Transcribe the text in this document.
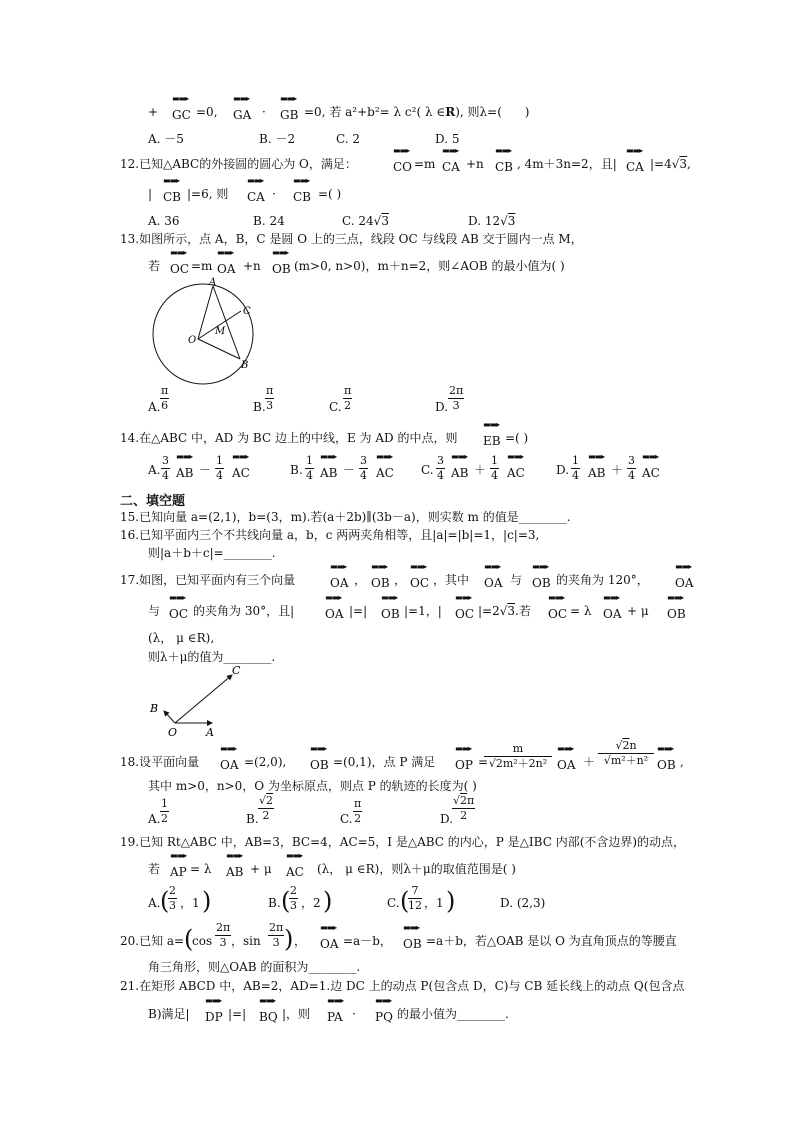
+
▬▬▸
GC =0,
▬▬▸
GA ·
▬▬▸
GB =0, 若 a²+b²= λ c²( λ ∈R), 则λ=(      )
A. －5	B. －2	C. 2	D. 5
12.已知△ABC的外接圆的圆心为 O，满足：
▬▬▸
CO =m
▬▬▸
CA +n
▬▬▸
CB , 4m＋3n=2，且|
▬▬▸
CA |=4√3,
|
▬▬▸
CB |=6, 则
▬▬▸
CA ·
▬▬▸
CB =( )
A. 36	B. 24	C. 24√3	D. 12√3
13.如图所示，点 A，B，C 是圆 O 上的三点，线段 OC 与线段 AB 交于圆内一点 M，
若
▬▬▸
OC =m
▬▬▸
OA +n
▬▬▸
OB (m>0, n>0)，m＋n=2，则∠AOB 的最小值为( )
A
C
M
O
B
A.
π
6	B.
π
3	C.
π
2	D.
2π
3
14.在△ABC 中，AD 为 BC 边上的中线，E 为 AD 的中点，则
▬▬▸
EB =( )
A.
3
4
▬▬▸
AB －
1
4
▬▬▸
AC	B.
1
4
▬▬▸
AB －
3
4
▬▬▸
AC C.
3
4
▬▬▸
AB ＋
1
4
▬▬▸
AC	D.
1
4
▬▬▸
AB ＋
3
4
▬▬▸
AC
二、填空题
15.已知向量 a=(2,1)，b=(3，m).若(a＋2b)∥(3b－a)，则实数 m 的值是________.
16.已知平面内三个不共线向量 a，b，c 两两夹角相等，且|a|=|b|=1，|c|=3,
则|a＋b＋c|=________.
17.如图，已知平面内有三个向量
▬▬▸
OA ，
▬▬▸
OB ，
▬▬▸
OC ，其中
▬▬▸
OA 与
▬▬▸
OB 的夹角为 120°，
▬▬▸
OA
与
▬▬▸
OC 的夹角为 30°，且|
▬▬▸
OA |=|
▬▬▸
OB |=1，|
▬▬▸
OC |=2√3.若
▬▬▸
OC = λ
▬▬▸
OA + μ
▬▬▸
OB
(λ， μ ∈R),
则λ＋μ的值为________.
C
B
O	A
18.设平面向量
▬▬▸
OA =(2,0),
▬▬▸
OB =(0,1)，点 P 满足
▬▬▸
OP =
m
√2m²＋2n²
▬▬▸
OA ＋
√2n
√m²＋n²
▬▬▸
OB ,
其中 m>0，n>0，O 为坐标原点，则点 P 的轨迹的长度为( )
A.
1
2	B.
√2
2	C.
π
2	D.
√2π
2
19.已知 Rt△ABC 中，AB=3，BC=4，AC=5，I 是△ABC 的内心，P 是△IBC 内部(不含边界)的动点，
若
▬▬▸
AP = λ
▬▬▸
AB + μ
▬▬▸
AC (λ， μ ∈R)，则λ＋μ的取值范围是( )
A. ( 2
3 ，1 )	B. ( 2
3 ，2 )	C. ( 7
12 ，1 )	D. (2,3)
20.已知 a= (
cos
2π
3 ，sin
2π
3 ) ，
▬▬▸
OA =a－b，
▬▬▸
OB =a＋b，若△OAB 是以 O 为直角顶点的等腰直
角三角形，则△OAB 的面积为________.
21.在矩形 ABCD 中，AB=2，AD=1.边 DC 上的动点 P(包含点 D，C)与 CB 延长线上的动点 Q(包含点
B)满足|
▬▬▸
DP |=|
▬▬▸
BQ |，则
▬▬▸
PA ·
▬▬▸
PQ 的最小值为________.
